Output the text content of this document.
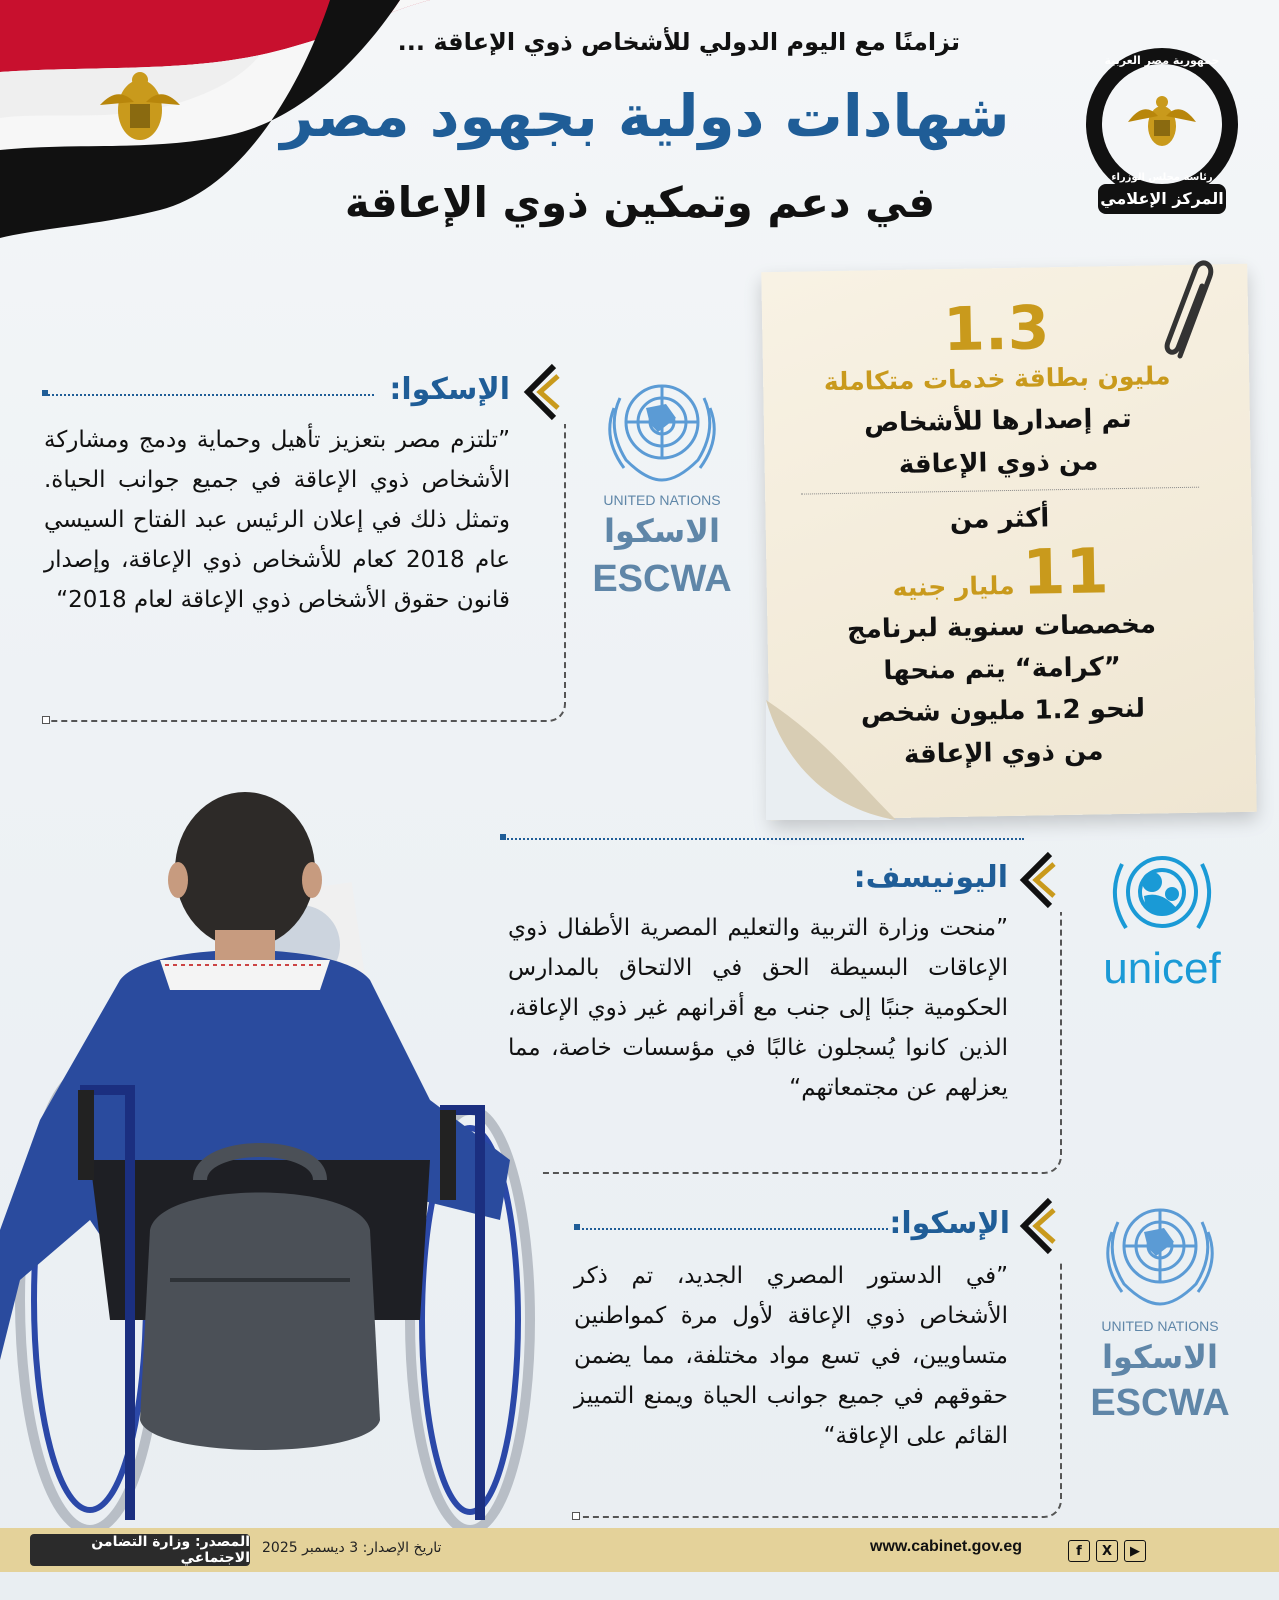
تزامنًا مع اليوم الدولي للأشخاص ذوي الإعاقة ...
شهادات دولية بجهود مصر
في دعم وتمكين ذوي الإعاقة
جمهورية مصر العربية
رئاسة مجلس الوزراء
المركز الإعلامي
1.3
مليون بطاقة خدمات متكاملة
تم إصدارها للأشخاص
من ذوي الإعاقة
أكثر من
11
مليار جنيه
مخصصات سنوية لبرنامج
”كرامة“ يتم منحها
لنحو 1.2 مليون شخص
من ذوي الإعاقة
الإسكوا:
”تلتزم مصر بتعزيز تأهيل وحماية ودمج ومشاركة الأشخاص ذوي الإعاقة في جميع جوانب الحياة. وتمثل ذلك في إعلان الرئيس عبد الفتاح السيسي عام 2018 كعام للأشخاص ذوي الإعاقة، وإصدار قانون حقوق الأشخاص ذوي الإعاقة لعام 2018“
UNITED NATIONS
الاسكوا
ESCWA
اليونيسف:
”منحت وزارة التربية والتعليم المصرية الأطفال ذوي الإعاقات البسيطة الحق في الالتحاق بالمدارس الحكومية جنبًا إلى جنب مع أقرانهم غير ذوي الإعاقة، الذين كانوا يُسجلون غالبًا في مؤسسات خاصة، مما يعزلهم عن مجتمعاتهم“
unicef
الإسكوا:
”في الدستور المصري الجديد، تم ذكر الأشخاص ذوي الإعاقة لأول مرة كمواطنين متساويين، في تسع مواد مختلفة، مما يضمن حقوقهم في جميع جوانب الحياة ويمنع التمييز القائم على الإعاقة“
UNITED NATIONS
الاسكوا
ESCWA
المصدر: وزارة التضامن الاجتماعي
تاريخ الإصدار: 3 ديسمبر 2025	www.cabinet.gov.eg	f	X	▶
